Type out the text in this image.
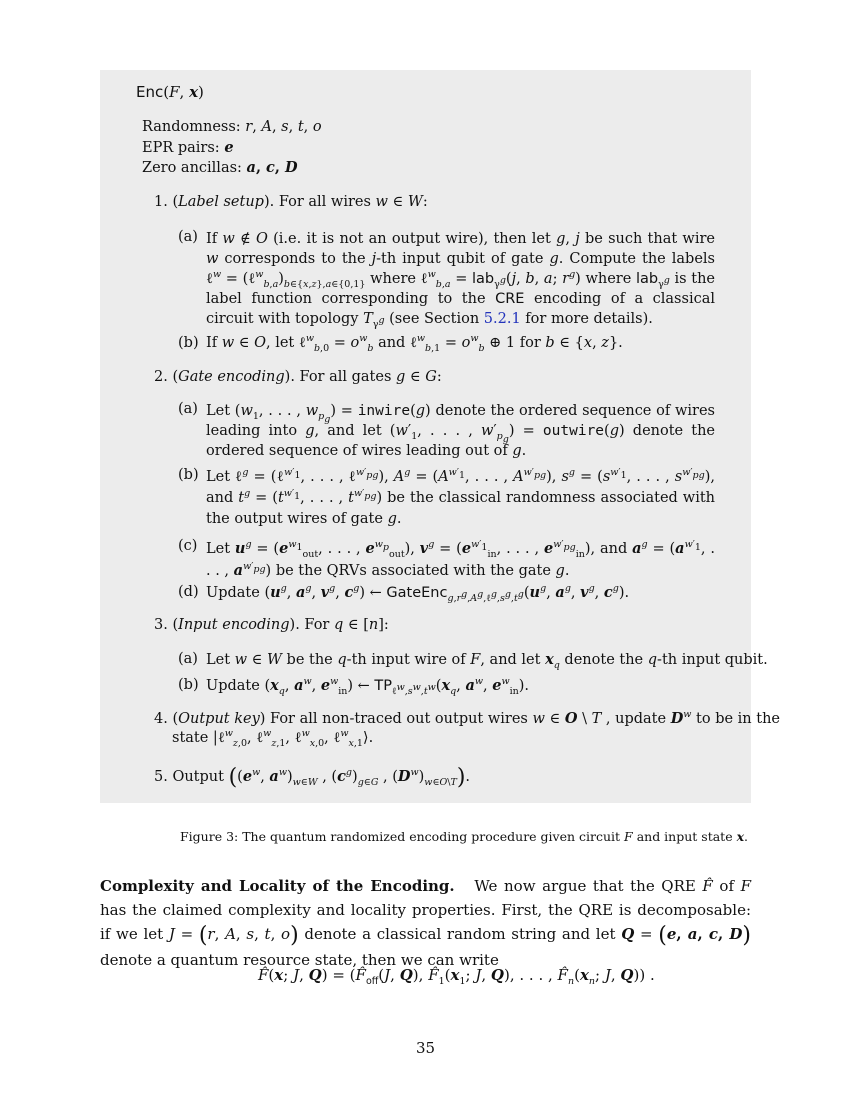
Enc(F, x)
Randomness: r, A, s, t, o
EPR pairs: e
Zero ancillas: a, c, D
1. (Label setup). For all wires w ∈ W:
(a) If w ∉ O (i.e. it is not an output wire), then let g, j be such that wire w corresponds to the j-th input qubit of gate g. Compute the labels ℓ$^w$ = $(\ell^w_{b,a})_{b\in\{x,z\},a\in\{0,1\}}$ where ℓ$^w_{b,a}$ = lab$_{\gamma^g}$(j, b, a; $r^g$) where lab$_{\gamma^g}$ is the label function corresponding to the CRE encoding of a classical circuit with topology $T_{\gamma^g}$ (see Section 5.2.1 for more details).
(b) If w ∈ O, let ℓ$^w_{b,0}$ = $o^w_b$ and ℓ$^w_{b,1}$ = $o^w_b$ ⊕ 1 for b ∈ {x, z}.
2. (Gate encoding). For all gates g ∈ G:
(a) Let ($w_1$, . . . , $w_{p_g}$) = inwire(g) denote the ordered sequence of wires leading into g, and let ($w'_1$, . . . , $w'_{p_g}$) = outwire(g) denote the ordered sequence of wires leading out of g.
(b) Let ℓ$^g$ = (ℓ$^{w'_1}$, . . . , ℓ$^{w'_{pg}}$), $A^g = (A^{w'_1}$, . . . , $A^{w'_{pg}}$), $s^g = (s^{w'_1}$, . . . , $s^{w'_{pg}}$), and $t^g = (t^{w'_1}$, . . . , $t^{w'_{pg}}$) be the classical randomness associated with the output wires of gate g.
(c) Let $u^g = (e^{w_1}_{out}$, . . . , $e^{w_p}_{out}$), $v^g = (e^{w'_1}_{in}$, . . . , $e^{w'_{pg}}_{in}$), and $a^g = (a^{w'_1}$, . . . , $a^{w'_{pg}}$) be the QRVs associated with the gate g.
(d) Update ($u^g$, $a^g$, $v^g$, $c^g$) ← $GateEnc_{g,r^g,A^g,\ell^g,s^g,t^g}(u^g$, $a^g$, $v^g$, $c^g$).
3. (Input encoding). For q ∈ [n]:
(a) Let w ∈ W be the q-th input wire of F, and let $x_q$ denote the q-th input qubit.
(b) Update ($x_q$, $a^w$, $e^w_{in}$) ← $TP_{\ell^w,s^w,t^w}(x_q$, $a^w$, $e^w_{in}$).
4. (Output key) For all non-traced out output wires w ∈ O \ T , update $D^w$ to be in the
state |ℓ$^w_{z,0}$, ℓ$^w_{z,1}$, ℓ$^w_{x,0}$, ℓ$^w_{x,1}$⟩.
5. Output (($e^w$, $a^w)_{w\in W}$ , $(c^g)_{g\in G}$ , $(D^w)_{w\in O\backslash T}$).
Figure 3: The quantum randomized encoding procedure given circuit F and input state x.
Complexity and Locality of the Encoding.   We now argue that the QRE F̂ of F has the claimed complexity and locality properties. First, the QRE is decomposable: if we let J = (r, A, s, t, o) denote a classical random string and let Q = (e, a, c, D) denote a quantum resource state, then we can write
F̂(x; J, $Q) = (F̂_{off}(J$, Q), $F̂_1(x_1$; J, Q), . . . , $F̂_n(x_n$; J, Q)) .
35
